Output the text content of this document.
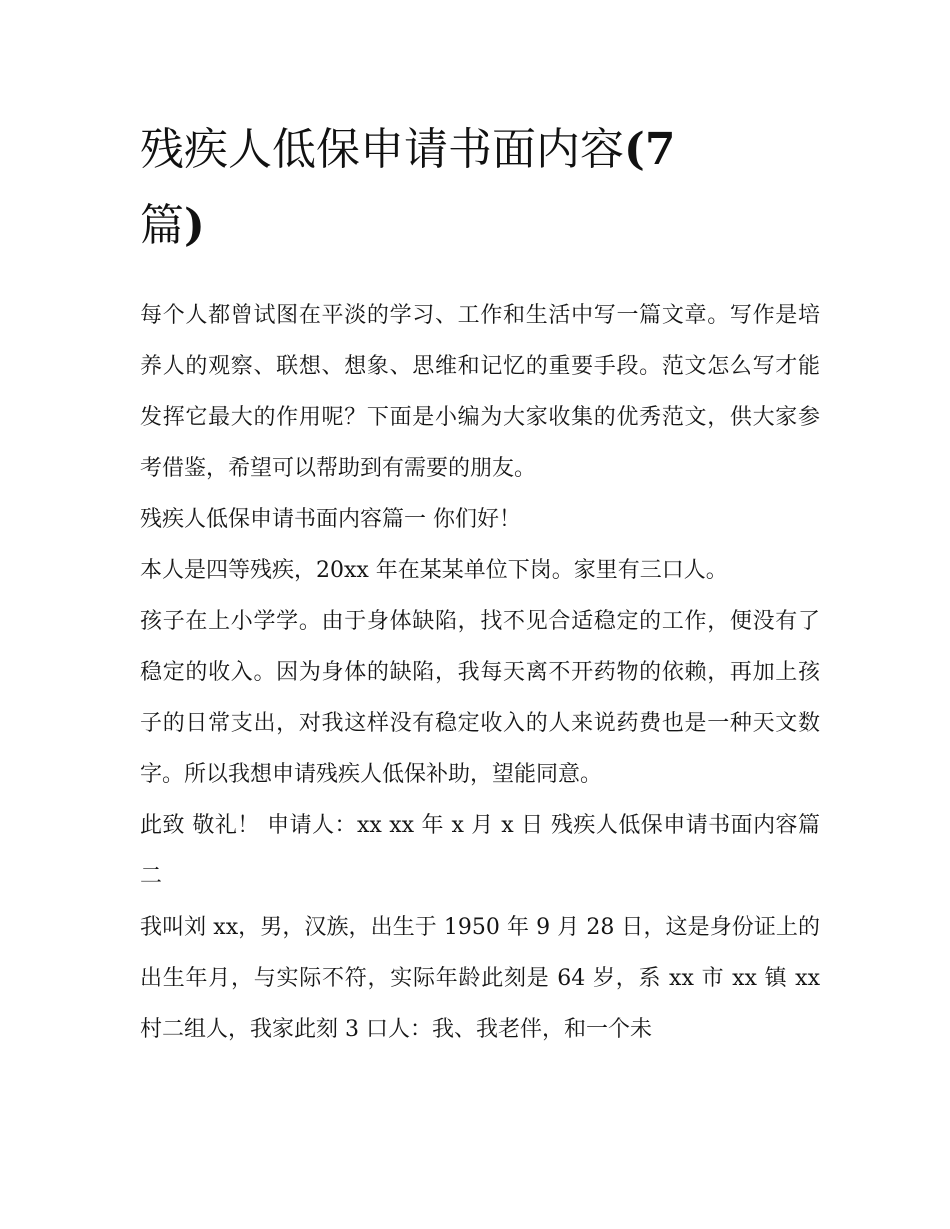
残疾人低保申请书面内容(7
篇)

每个人都曾试图在平淡的学习、工作和生活中写一篇文章。写作是培养人的观察、联想、想象、思维和记忆的重要手段。范文怎么写才能发挥它最大的作用呢？下面是小编为大家收集的优秀范文，供大家参考借鉴，希望可以帮助到有需要的朋友。

残疾人低保申请书面内容篇一 你们好！

本人是四等残疾，20xx 年在某某单位下岗。家里有三口人。

孩子在上小学学。由于身体缺陷，找不见合适稳定的工作，便没有了稳定的收入。因为身体的缺陷，我每天离不开药物的依赖，再加上孩子的日常支出，对我这样没有稳定收入的人来说药费也是一种天文数字。所以我想申请残疾人低保补助，望能同意。

此致 敬礼！ 申请人：xx xx 年 x 月 x 日 残疾人低保申请书面内容篇二

我叫刘 xx，男，汉族，出生于 1950 年 9 月 28 日，这是身份证上的出生年月，与实际不符，实际年龄此刻是 64 岁，系 xx 市 xx 镇 xx 村二组人，我家此刻 3 口人：我、我老伴，和一个未
